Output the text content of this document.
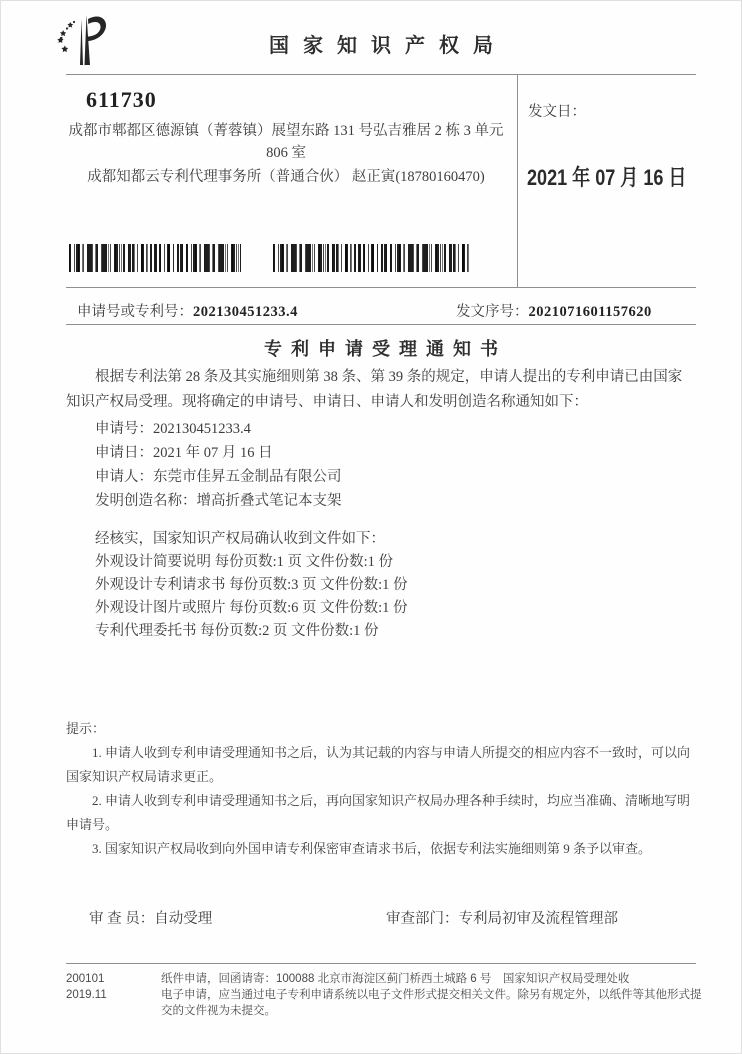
国家知识产权局
611730
成都市郫都区德源镇（菁蓉镇）展望东路 131 号弘吉雅居 2 栋 3 单元
806 室
成都知都云专利代理事务所（普通合伙） 赵正寅(18780160470)
发文日：
2021 年 07 月 16 日
申请号或专利号：202130451233.4	发文序号：2021071601157620
专利申请受理通知书

根据专利法第 28 条及其实施细则第 38 条、第 39 条的规定，申请人提出的专利申请已由国家知识产权局受理。现将确定的申请号、申请日、申请人和发明创造名称通知如下：

申请号：202130451233.4
申请日：2021 年 07 月 16 日
申请人：东莞市佳昇五金制品有限公司
发明创造名称：增高折叠式笔记本支架
经核实，国家知识产权局确认收到文件如下：
外观设计简要说明 每份页数:1 页 文件份数:1 份
外观设计专利请求书 每份页数:3 页 文件份数:1 份
外观设计图片或照片 每份页数:6 页 文件份数:1 份
专利代理委托书 每份页数:2 页 文件份数:1 份
提示：

1. 申请人收到专利申请受理通知书之后，认为其记载的内容与申请人所提交的相应内容不一致时，可以向国家知识产权局请求更正。

2. 申请人收到专利申请受理通知书之后，再向国家知识产权局办理各种手续时，均应当准确、清晰地写明申请号。

3. 国家知识产权局收到向外国申请专利保密审查请求书后，依据专利法实施细则第 9 条予以审查。

审 查 员：自动受理	审查部门：专利局初审及流程管理部
200101	纸件申请，回函请寄：100088 北京市海淀区蓟门桥西土城路 6 号　国家知识产权局受理处收
2019.11	电子申请，应当通过电子专利申请系统以电子文件形式提交相关文件。除另有规定外，以纸件等其他形式提交的文件视为未提交。
